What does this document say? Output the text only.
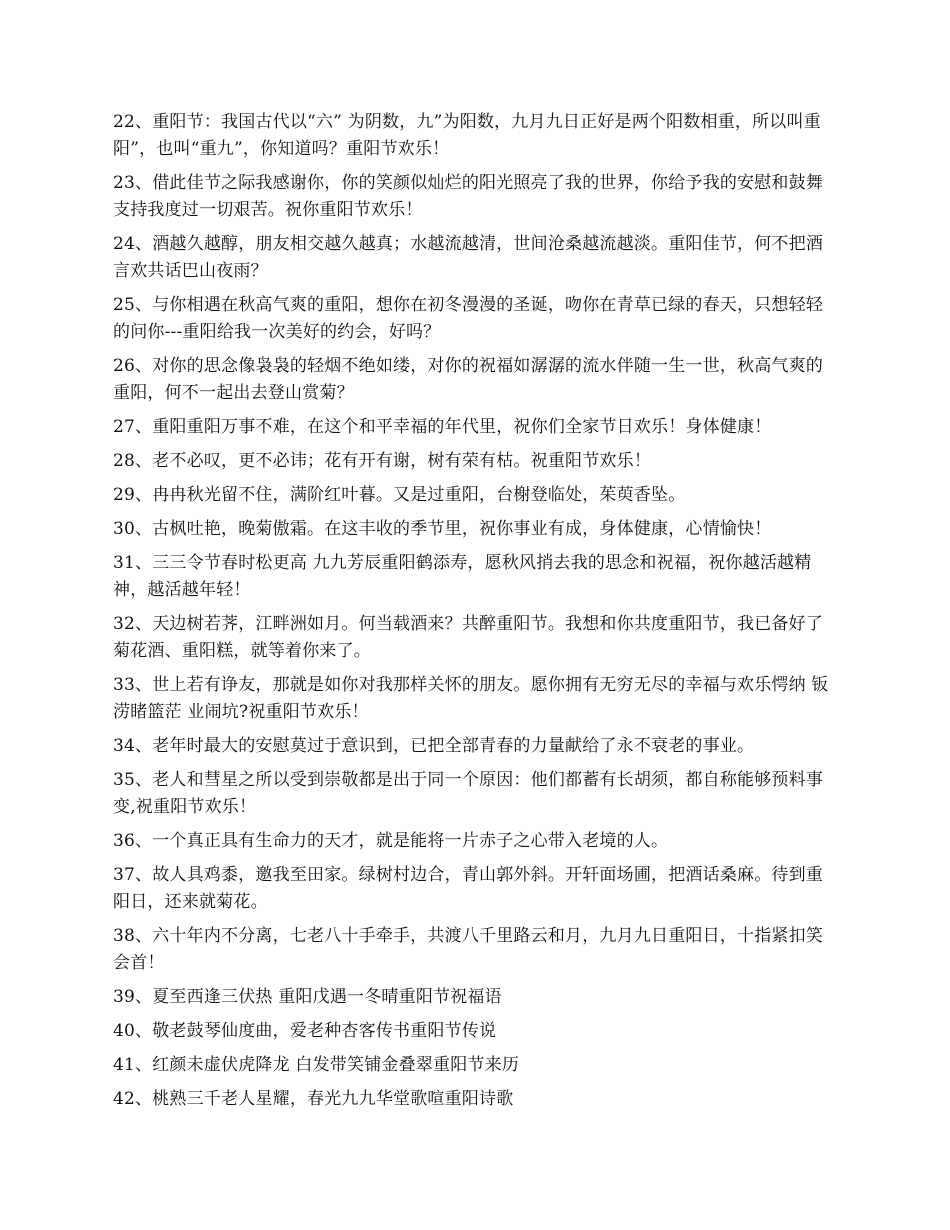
22、重阳节：我国古代以“六” 为阴数，九”为阳数，九月九日正好是两个阳数相重，所以叫重阳”，也叫“重九”，你知道吗？重阳节欢乐！

23、借此佳节之际我感谢你，你的笑颜似灿烂的阳光照亮了我的世界，你给予我的安慰和鼓舞支持我度过一切艰苦。祝你重阳节欢乐！

24、酒越久越醇，朋友相交越久越真；水越流越清，世间沧桑越流越淡。重阳佳节，何不把酒言欢共话巴山夜雨？

25、与你相遇在秋高气爽的重阳，想你在初冬漫漫的圣诞，吻你在青草已绿的春天，只想轻轻的问你---重阳给我一次美好的约会，好吗？

26、对你的思念像袅袅的轻烟不绝如缕，对你的祝福如潺潺的流水伴随一生一世，秋高气爽的重阳，何不一起出去登山赏菊？

27、重阳重阳万事不难，在这个和平幸福的年代里，祝你们全家节日欢乐！身体健康！

28、老不必叹，更不必讳；花有开有谢，树有荣有枯。祝重阳节欢乐！

29、冉冉秋光留不住，满阶红叶暮。又是过重阳，台榭登临处，茱萸香坠。

30、古枫吐艳，晚菊傲霜。在这丰收的季节里，祝你事业有成，身体健康，心情愉快！

31、三三令节春时松更高 九九芳辰重阳鹤添寿，愿秋风捎去我的思念和祝福，祝你越活越精神，越活越年轻！

32、天边树若荠，江畔洲如月。何当载酒来？共醉重阳节。我想和你共度重阳节，我已备好了菊花酒、重阳糕，就等着你来了。

33、世上若有诤友，那就是如你对我那样关怀的朋友。愿你拥有无穷无尽的幸福与欢乐愕纳 钣涝睹篮茫 业闹坑?祝重阳节欢乐！

34、老年时最大的安慰莫过于意识到，已把全部青春的力量献给了永不衰老的事业。

35、老人和彗星之所以受到崇敬都是出于同一个原因：他们都蓄有长胡须，都自称能够预料事变,祝重阳节欢乐！

36、一个真正具有生命力的天才，就是能将一片赤子之心带入老境的人。

37、故人具鸡黍，邀我至田家。绿树村边合，青山郭外斜。开轩面场圃，把酒话桑麻。待到重阳日，还来就菊花。

38、六十年内不分离，七老八十手牵手，共渡八千里路云和月，九月九日重阳日，十指紧扣笑会首！

39、夏至西逢三伏热 重阳戊遇一冬晴重阳节祝福语

40、敬老鼓琴仙度曲，爱老种杏客传书重阳节传说

41、红颜未虚伏虎降龙 白发带笑铺金叠翠重阳节来历

42、桃熟三千老人星耀，春光九九华堂歌喧重阳诗歌
